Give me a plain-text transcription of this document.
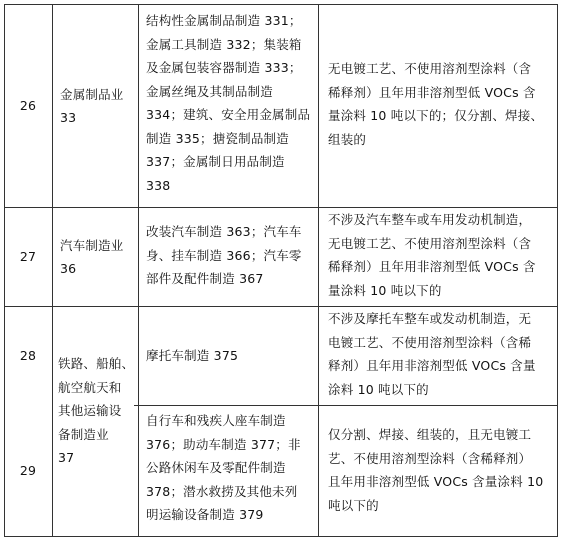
26
金属制品业
33
结构性金属制品制造 331；
金属工具制造 332；集装箱
及金属包装容器制造 333；
金属丝绳及其制品制造
334；建筑、安全用金属制品
制造 335；搪瓷制品制造
337；金属制日用品制造
338
无电镀工艺、不使用溶剂型涂料（含
稀释剂）且年用非溶剂型低 VOCs 含
量涂料 10 吨以下的；仅分割、焊接、
组装的
27
汽车制造业
36
改装汽车制造 363；汽车车
身、挂车制造 366；汽车零
部件及配件制造 367
不涉及汽车整车或车用发动机制造，
无电镀工艺、不使用溶剂型涂料（含
稀释剂）且年用非溶剂型低 VOCs 含
量涂料 10 吨以下的
28	摩托车制造 375
不涉及摩托车整车或发动机制造，无
电镀工艺、不使用溶剂型涂料（含稀
释剂）且年用非溶剂型低 VOCs 含量
涂料 10 吨以下的
29
自行车和残疾人座车制造
376；助动车制造 377；非
公路休闲车及零配件制造
378；潜水救捞及其他未列
明运输设备制造 379
仅分割、焊接、组装的，且无电镀工
艺、不使用溶剂型涂料（含稀释剂）
且年用非溶剂型低 VOCs 含量涂料 10
吨以下的
铁路、船舶、
航空航天和
其他运输设
备制造业
37
